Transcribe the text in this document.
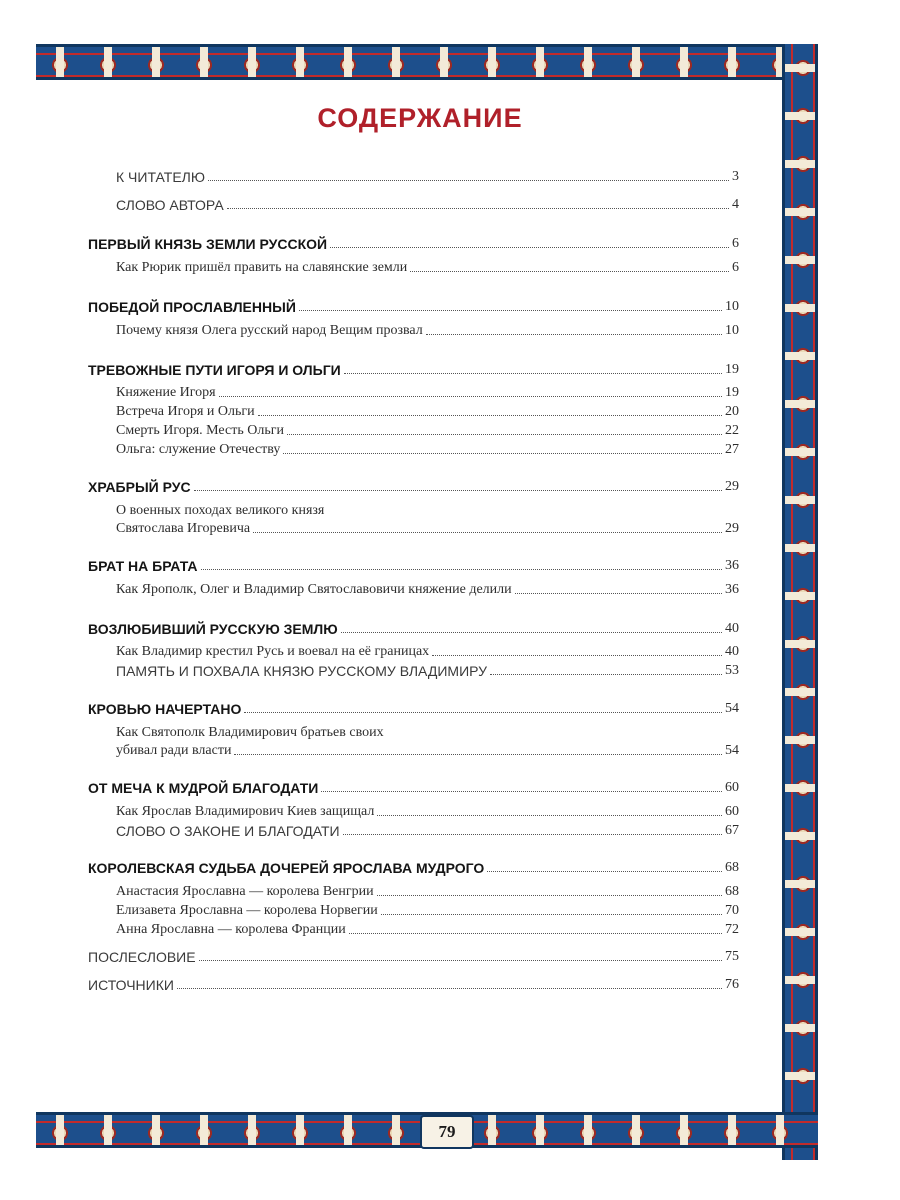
79
СОДЕРЖАНИЕ
К ЧИТАТЕЛЮ	3
СЛОВО АВТОРА	4
ПЕРВЫЙ КНЯЗЬ ЗЕМЛИ РУССКОЙ	6
Как Рюрик пришёл править на славянские земли	6
ПОБЕДОЙ ПРОСЛАВЛЕННЫЙ	10
Почему князя Олега русский народ Вещим прозвал	10
ТРЕВОЖНЫЕ ПУТИ ИГОРЯ И ОЛЬГИ	19
Княжение Игоря	19
Встреча Игоря и Ольги	20
Смерть Игоря. Месть Ольги	22
Ольга: служение Отечеству	27
ХРАБРЫЙ РУС	29
О военных походах великого князя
Святослава Игоревича	29
БРАТ НА БРАТА	36
Как Ярополк, Олег и Владимир Святославовичи княжение делили	36
ВОЗЛЮБИВШИЙ РУССКУЮ ЗЕМЛЮ	40
Как Владимир крестил Русь и воевал на её границах	40
ПАМЯТЬ И ПОХВАЛА КНЯЗЮ РУССКОМУ ВЛАДИМИРУ	53
КРОВЬЮ НАЧЕРТАНО	54
Как Святополк Владимирович братьев своих
убивал ради власти	54
ОТ МЕЧА К МУДРОЙ БЛАГОДАТИ	60
Как Ярослав Владимирович Киев защищал	60
СЛОВО О ЗАКОНЕ И БЛАГОДАТИ	67
КОРОЛЕВСКАЯ СУДЬБА ДОЧЕРЕЙ ЯРОСЛАВА МУДРОГО	68
Анастасия Ярославна — королева Венгрии	68
Елизавета Ярославна — королева Норвегии	70
Анна Ярославна — королева Франции	72
ПОСЛЕСЛОВИЕ	75
ИСТОЧНИКИ	76
